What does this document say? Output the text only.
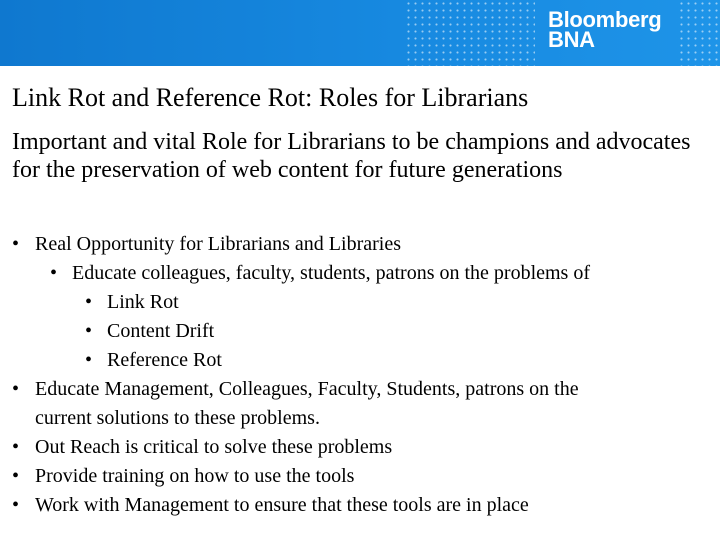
Bloomberg
BNA
Link Rot and Reference Rot: Roles for Librarians
Important and vital Role for Librarians to be champions and advocates for the preservation of web content for future generations
• Real Opportunity for Librarians and Libraries
• Educate colleagues, faculty, students, patrons on the problems of
• Link Rot
• Content Drift
• Reference Rot
• Educate Management, Colleagues, Faculty, Students, patrons on the
current solutions to these problems.
• Out Reach is critical to solve these problems
• Provide training on how to use the tools
• Work with Management to ensure that these tools are in place
